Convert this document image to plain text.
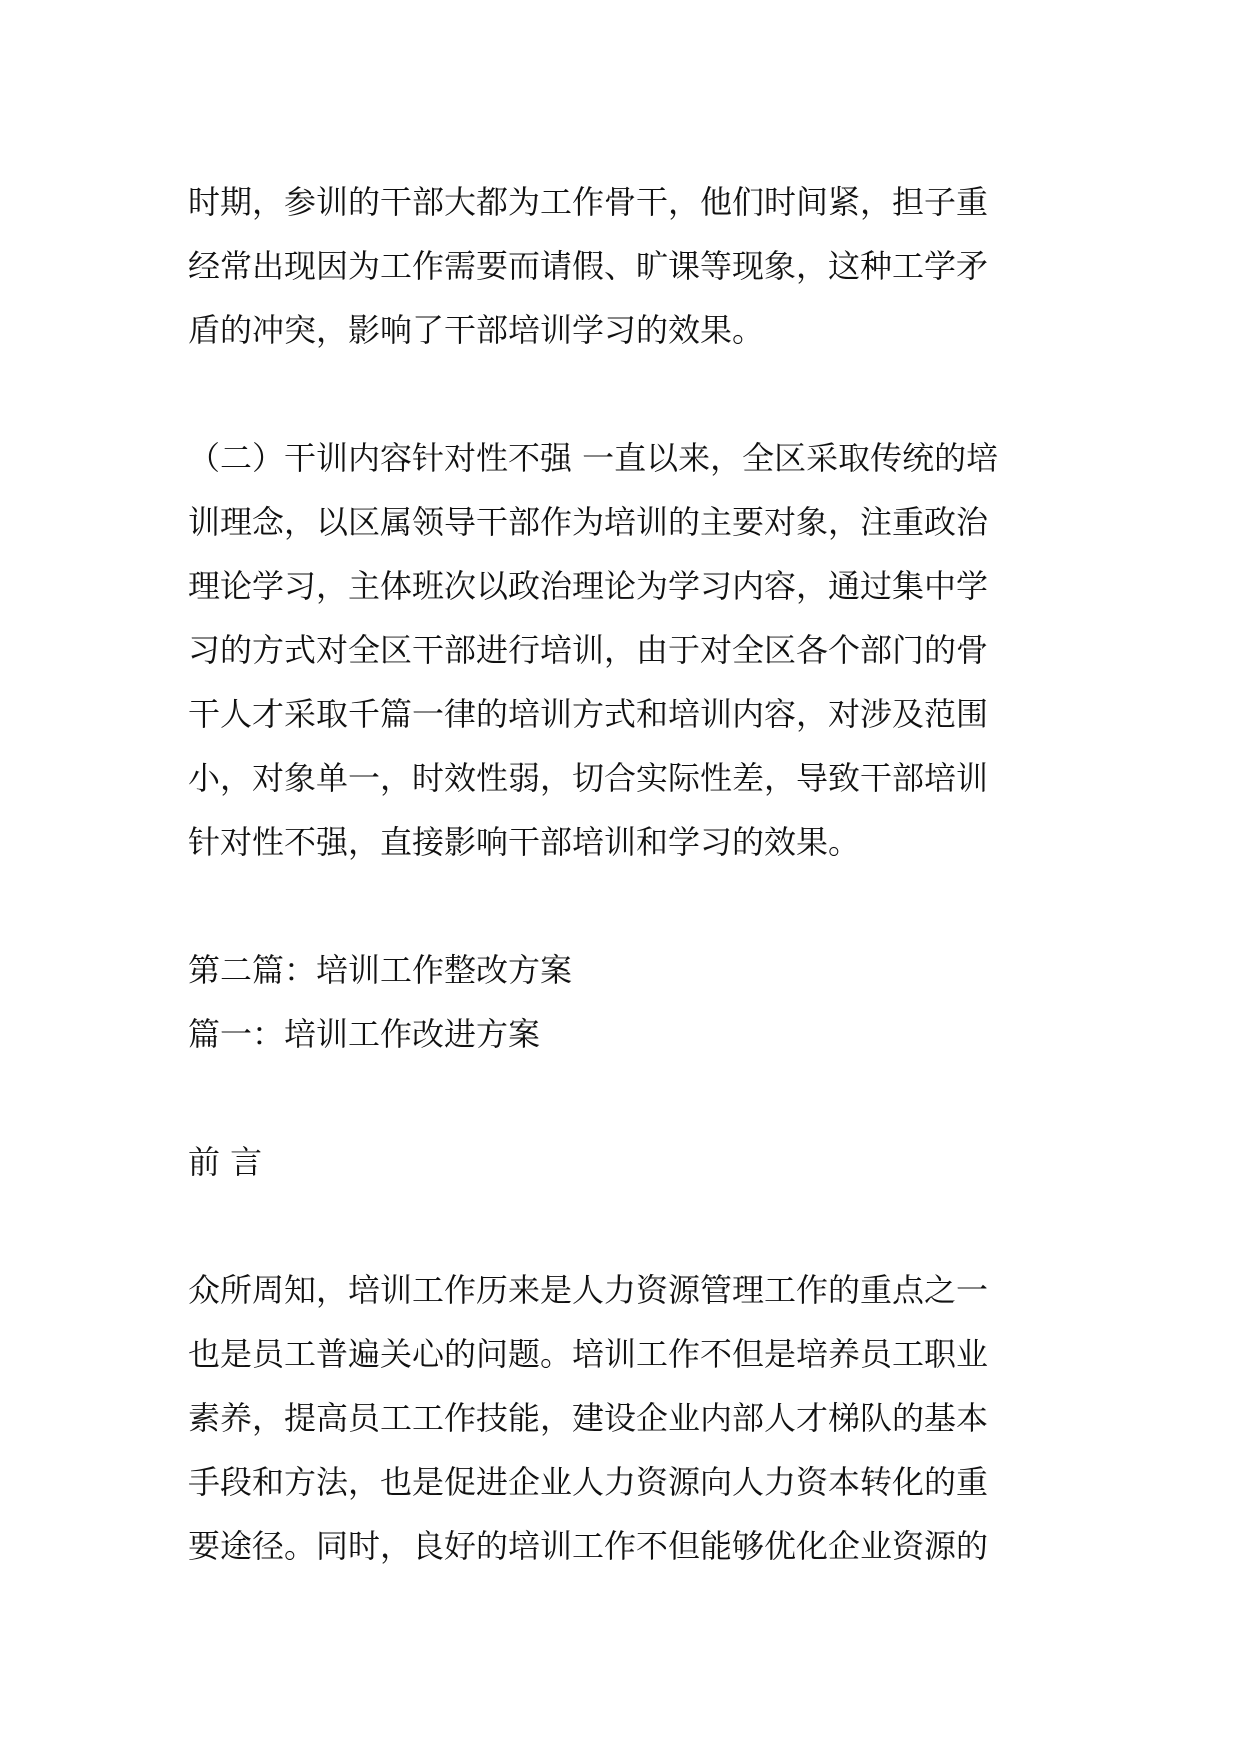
时期，参训的干部大都为工作骨干，他们时间紧，担子重
经常出现因为工作需要而请假、旷课等现象，这种工学矛
盾的冲突，影响了干部培训学习的效果。
（二）干训内容针对性不强 一直以来，全区采取传统的培
训理念，以区属领导干部作为培训的主要对象，注重政治
理论学习，主体班次以政治理论为学习内容，通过集中学
习的方式对全区干部进行培训，由于对全区各个部门的骨
干人才采取千篇一律的培训方式和培训内容，对涉及范围
小，对象单一，时效性弱，切合实际性差，导致干部培训
针对性不强，直接影响干部培训和学习的效果。
第二篇：培训工作整改方案
篇一：培训工作改进方案
前 言
众所周知，培训工作历来是人力资源管理工作的重点之一
也是员工普遍关心的问题。培训工作不但是培养员工职业
素养，提高员工工作技能，建设企业内部人才梯队的基本
手段和方法，也是促进企业人力资源向人力资本转化的重
要途径。同时，良好的培训工作不但能够优化企业资源的
